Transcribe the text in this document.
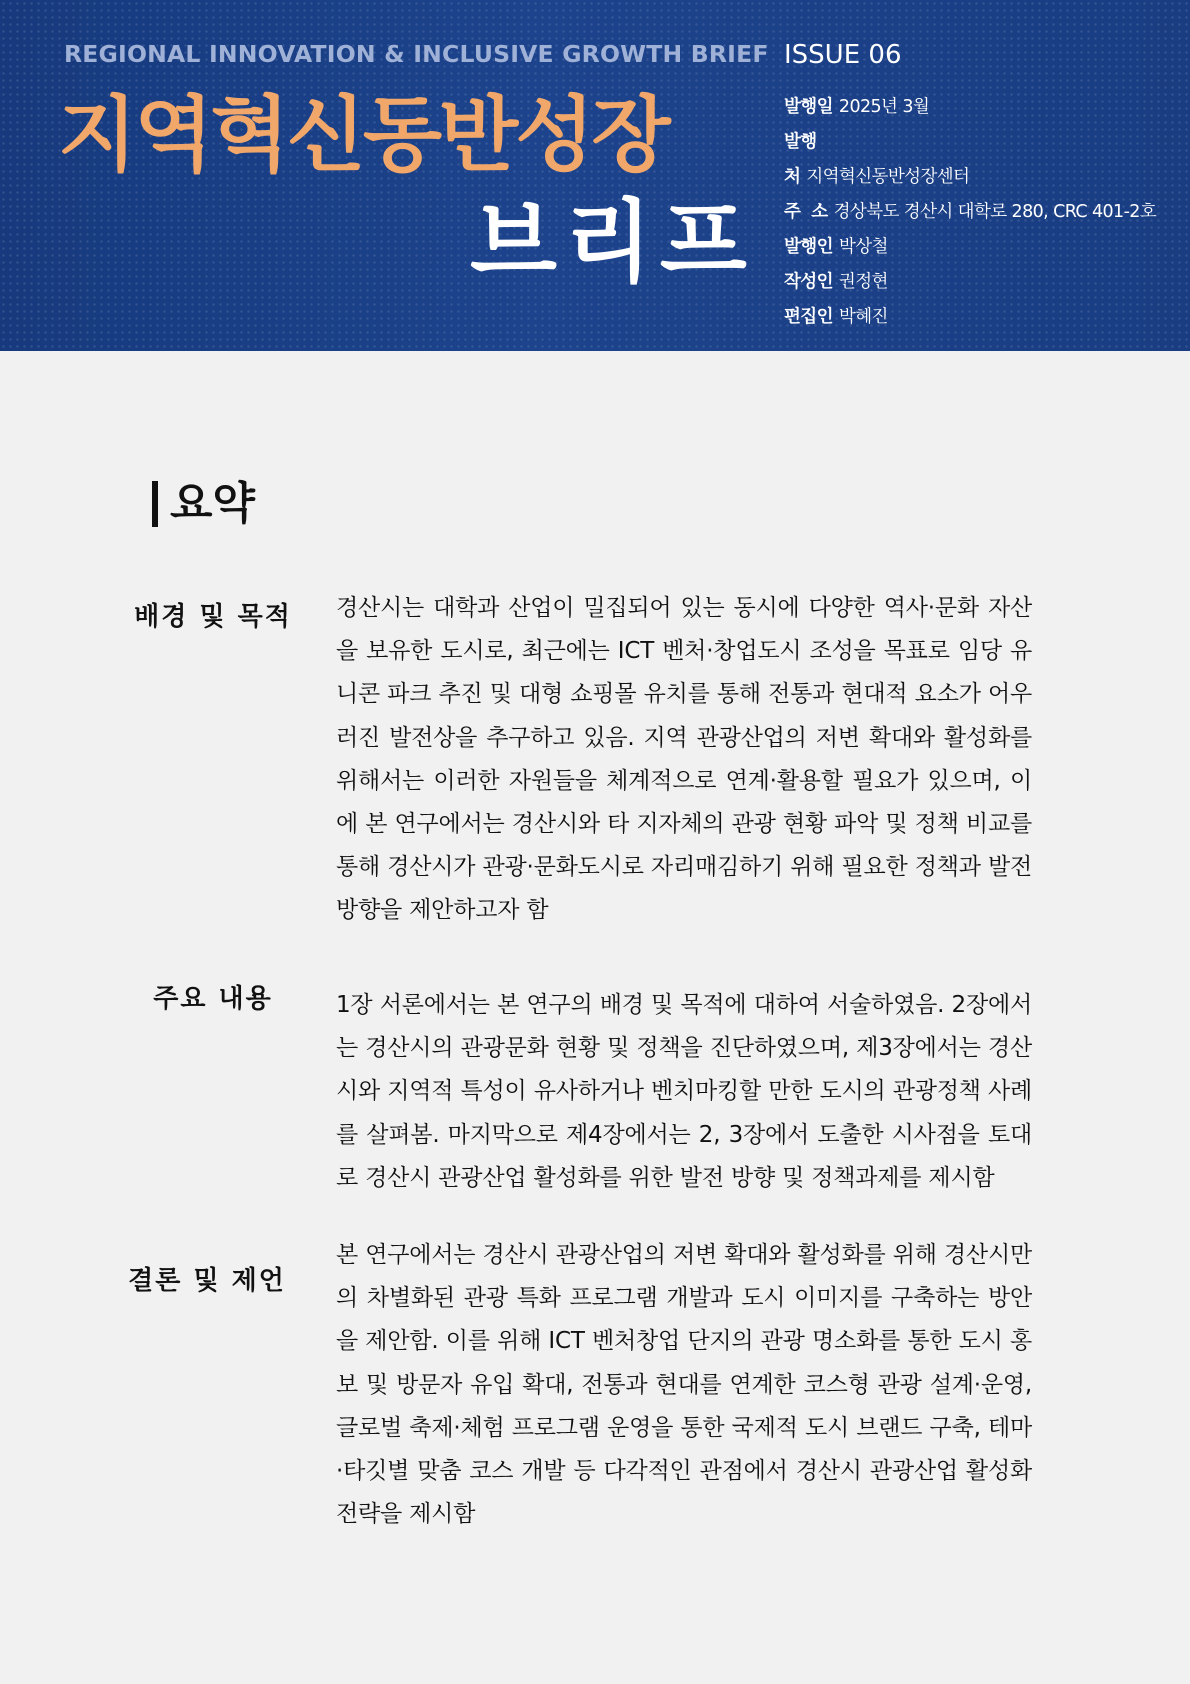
REGIONAL INNOVATION & INCLUSIVE GROWTH BRIEF
지역혁신동반성장
브리프
ISSUE 06
발행일 2025년 3월
발행
처 지역혁신동반성장센터
주  소 경상북도 경산시 대학로 280, CRC 401-2호
발행인 박상철
작성인 권정현
편집인 박혜진
요약
배경 및 목적	경산시는 대학과 산업이 밀집되어 있는 동시에 다양한 역사·문화 자산을 보유한 도시로, 최근에는 ICT 벤처·창업도시 조성을 목표로 임당 유니콘 파크 추진 및 대형 쇼핑몰 유치를 통해 전통과 현대적 요소가 어우러진 발전상을 추구하고 있음. 지역 관광산업의 저변 확대와 활성화를 위해서는 이러한 자원들을 체계적으로 연계·활용할 필요가 있으며, 이에 본 연구에서는 경산시와 타 지자체의 관광 현황 파악 및 정책 비교를 통해 경산시가 관광·문화도시로 자리매김하기 위해 필요한 정책과 발전 방향을 제안하고자 함
주요 내용	1장 서론에서는 본 연구의 배경 및 목적에 대하여 서술하였음. 2장에서는 경산시의 관광문화 현황 및 정책을 진단하였으며, 제3장에서는 경산시와 지역적 특성이 유사하거나 벤치마킹할 만한 도시의 관광정책 사례를 살펴봄. 마지막으로 제4장에서는 2, 3장에서 도출한 시사점을 토대로 경산시 관광산업 활성화를 위한 발전 방향 및 정책과제를 제시함
결론 및 제언
본 연구에서는 경산시 관광산업의 저변 확대와 활성화를 위해 경산시만의 차별화된 관광 특화 프로그램 개발과 도시 이미지를 구축하는 방안을 제안함. 이를 위해 ICT 벤처창업 단지의 관광 명소화를 통한 도시 홍보 및 방문자 유입 확대, 전통과 현대를 연계한 코스형 관광 설계·운영, 글로벌 축제·체험 프로그램 운영을 통한 국제적 도시 브랜드 구축, 테마·타깃별 맞춤 코스 개발 등 다각적인 관점에서 경산시 관광산업 활성화 전략을 제시함
